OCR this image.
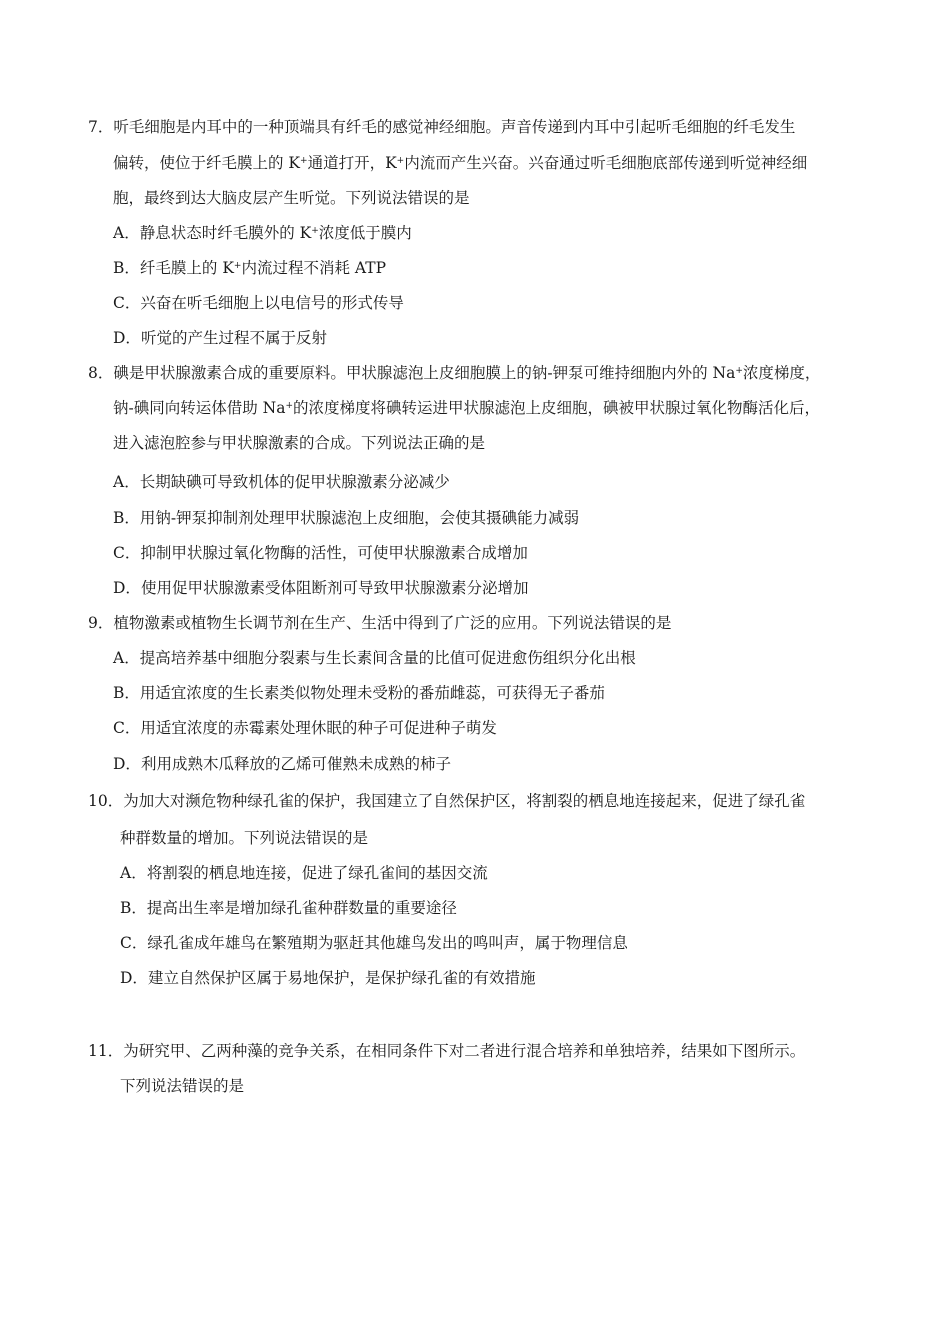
7．听毛细胞是内耳中的一种顶端具有纤毛的感觉神经细胞。声音传递到内耳中引起听毛细胞的纤毛发生
偏转，使位于纤毛膜上的 K+通道打开，K+内流而产生兴奋。兴奋通过听毛细胞底部传递到听觉神经细
胞，最终到达大脑皮层产生听觉。下列说法错误的是
A．静息状态时纤毛膜外的 K+浓度低于膜内
B．纤毛膜上的 K+内流过程不消耗 ATP
C．兴奋在听毛细胞上以电信号的形式传导
D．听觉的产生过程不属于反射
8．碘是甲状腺激素合成的重要原料。甲状腺滤泡上皮细胞膜上的钠-钾泵可维持细胞内外的 Na+浓度梯度，
钠-碘同向转运体借助 Na+的浓度梯度将碘转运进甲状腺滤泡上皮细胞，碘被甲状腺过氧化物酶活化后，
进入滤泡腔参与甲状腺激素的合成。下列说法正确的是
A．长期缺碘可导致机体的促甲状腺激素分泌减少
B．用钠-钾泵抑制剂处理甲状腺滤泡上皮细胞，会使其摄碘能力减弱
C．抑制甲状腺过氧化物酶的活性，可使甲状腺激素合成增加
D．使用促甲状腺激素受体阻断剂可导致甲状腺激素分泌增加
9．植物激素或植物生长调节剂在生产、生活中得到了广泛的应用。下列说法错误的是
A．提高培养基中细胞分裂素与生长素间含量的比值可促进愈伤组织分化出根
B．用适宜浓度的生长素类似物处理未受粉的番茄雌蕊，可获得无子番茄
C．用适宜浓度的赤霉素处理休眠的种子可促进种子萌发
D．利用成熟木瓜释放的乙烯可催熟未成熟的柿子
10．为加大对濒危物种绿孔雀的保护，我国建立了自然保护区，将割裂的栖息地连接起来，促进了绿孔雀
种群数量的增加。下列说法错误的是
A．将割裂的栖息地连接，促进了绿孔雀间的基因交流
B．提高出生率是增加绿孔雀种群数量的重要途径
C．绿孔雀成年雄鸟在繁殖期为驱赶其他雄鸟发出的鸣叫声，属于物理信息
D．建立自然保护区属于易地保护，是保护绿孔雀的有效措施
11．为研究甲、乙两种藻的竞争关系，在相同条件下对二者进行混合培养和单独培养，结果如下图所示。
下列说法错误的是
